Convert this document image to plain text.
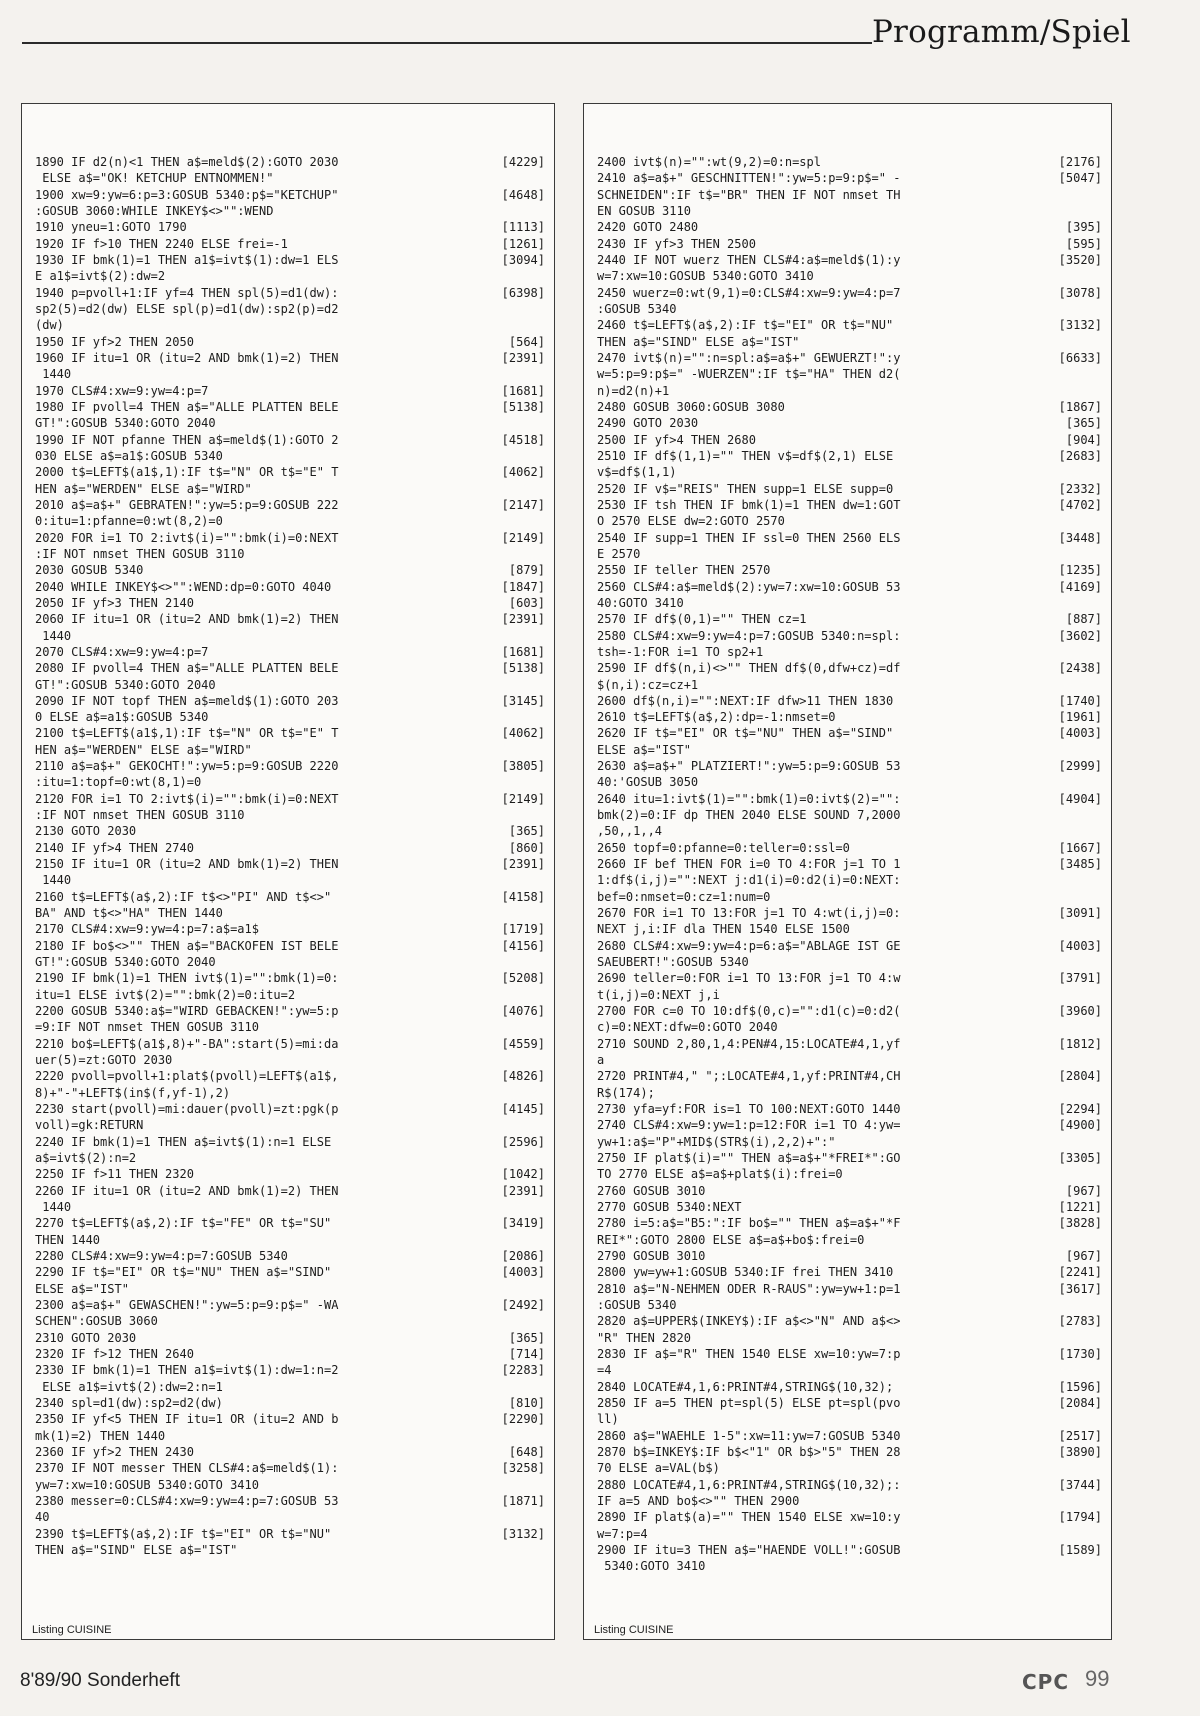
Programm/Spiel
1890 IF d2(n)<1 THEN a$=meld$(2):GOTO 2030
ELSE a$="OK! KETCHUP ENTNOMMEN!"
[4229]
1900 xw=9:yw=6:p=3:GOSUB 5340:p$="KETCHUP"
:GOSUB 3060:WHILE INKEY$<>"":WEND
[4648]
1910 yneu=1:GOTO 1790	[1113]
1920 IF f>10 THEN 2240 ELSE frei=-1	[1261]
1930 IF bmk(1)=1 THEN a1$=ivt$(1):dw=1 ELS
E a1$=ivt$(2):dw=2
[3094]
1940 p=pvoll+1:IF yf=4 THEN spl(5)=d1(dw):
sp2(5)=d2(dw) ELSE spl(p)=d1(dw):sp2(p)=d2
(dw)
[6398]
1950 IF yf>2 THEN 2050	[564]
1960 IF itu=1 OR (itu=2 AND bmk(1)=2) THEN
1440
[2391]
1970 CLS#4:xw=9:yw=4:p=7	[1681]
1980 IF pvoll=4 THEN a$="ALLE PLATTEN BELE
GT!":GOSUB 5340:GOTO 2040
[5138]
1990 IF NOT pfanne THEN a$=meld$(1):GOTO 2
030 ELSE a$=a1$:GOSUB 5340
[4518]
2000 t$=LEFT$(a1$,1):IF t$="N" OR t$="E" T
HEN a$="WERDEN" ELSE a$="WIRD"
[4062]
2010 a$=a$+" GEBRATEN!":yw=5:p=9:GOSUB 222
0:itu=1:pfanne=0:wt(8,2)=0
[2147]
2020 FOR i=1 TO 2:ivt$(i)="":bmk(i)=0:NEXT
:IF NOT nmset THEN GOSUB 3110
[2149]
2030 GOSUB 5340	[879]
2040 WHILE INKEY$<>"":WEND:dp=0:GOTO 4040	[1847]
2050 IF yf>3 THEN 2140	[603]
2060 IF itu=1 OR (itu=2 AND bmk(1)=2) THEN
1440
[2391]
2070 CLS#4:xw=9:yw=4:p=7	[1681]
2080 IF pvoll=4 THEN a$="ALLE PLATTEN BELE
GT!":GOSUB 5340:GOTO 2040
[5138]
2090 IF NOT topf THEN a$=meld$(1):GOTO 203
0 ELSE a$=a1$:GOSUB 5340
[3145]
2100 t$=LEFT$(a1$,1):IF t$="N" OR t$="E" T
HEN a$="WERDEN" ELSE a$="WIRD"
[4062]
2110 a$=a$+" GEKOCHT!":yw=5:p=9:GOSUB 2220
:itu=1:topf=0:wt(8,1)=0
[3805]
2120 FOR i=1 TO 2:ivt$(i)="":bmk(i)=0:NEXT
:IF NOT nmset THEN GOSUB 3110
[2149]
2130 GOTO 2030	[365]
2140 IF yf>4 THEN 2740	[860]
2150 IF itu=1 OR (itu=2 AND bmk(1)=2) THEN
1440
[2391]
2160 t$=LEFT$(a$,2):IF t$<>"PI" AND t$<>"
BA" AND t$<>"HA" THEN 1440
[4158]
2170 CLS#4:xw=9:yw=4:p=7:a$=a1$	[1719]
2180 IF bo$<>"" THEN a$="BACKOFEN IST BELE
GT!":GOSUB 5340:GOTO 2040
[4156]
2190 IF bmk(1)=1 THEN ivt$(1)="":bmk(1)=0:
itu=1 ELSE ivt$(2)="":bmk(2)=0:itu=2
[5208]
2200 GOSUB 5340:a$="WIRD GEBACKEN!":yw=5:p
=9:IF NOT nmset THEN GOSUB 3110
[4076]
2210 bo$=LEFT$(a1$,8)+"-BA":start(5)=mi:da
uer(5)=zt:GOTO 2030
[4559]
2220 pvoll=pvoll+1:plat$(pvoll)=LEFT$(a1$,
8)+"-"+LEFT$(in$(f,yf-1),2)
[4826]
2230 start(pvoll)=mi:dauer(pvoll)=zt:pgk(p
voll)=gk:RETURN
[4145]
2240 IF bmk(1)=1 THEN a$=ivt$(1):n=1 ELSE
a$=ivt$(2):n=2
[2596]
2250 IF f>11 THEN 2320	[1042]
2260 IF itu=1 OR (itu=2 AND bmk(1)=2) THEN
1440
[2391]
2270 t$=LEFT$(a$,2):IF t$="FE" OR t$="SU"
THEN 1440
[3419]
2280 CLS#4:xw=9:yw=4:p=7:GOSUB 5340	[2086]
2290 IF t$="EI" OR t$="NU" THEN a$="SIND"
ELSE a$="IST"
[4003]
2300 a$=a$+" GEWASCHEN!":yw=5:p=9:p$=" -WA
SCHEN":GOSUB 3060
[2492]
2310 GOTO 2030	[365]
2320 IF f>12 THEN 2640	[714]
2330 IF bmk(1)=1 THEN a1$=ivt$(1):dw=1:n=2
ELSE a1$=ivt$(2):dw=2:n=1
[2283]
2340 spl=d1(dw):sp2=d2(dw)	[810]
2350 IF yf<5 THEN IF itu=1 OR (itu=2 AND b
mk(1)=2) THEN 1440
[2290]
2360 IF yf>2 THEN 2430	[648]
2370 IF NOT messer THEN CLS#4:a$=meld$(1):
yw=7:xw=10:GOSUB 5340:GOTO 3410
[3258]
2380 messer=0:CLS#4:xw=9:yw=4:p=7:GOSUB 53
40
[1871]
2390 t$=LEFT$(a$,2):IF t$="EI" OR t$="NU"
THEN a$="SIND" ELSE a$="IST"
[3132]
Listing CUISINE
2400 ivt$(n)="":wt(9,2)=0:n=spl	[2176]
2410 a$=a$+" GESCHNITTEN!":yw=5:p=9:p$=" -
SCHNEIDEN":IF t$="BR" THEN IF NOT nmset TH
EN GOSUB 3110
[5047]
2420 GOTO 2480	[395]
2430 IF yf>3 THEN 2500	[595]
2440 IF NOT wuerz THEN CLS#4:a$=meld$(1):y
w=7:xw=10:GOSUB 5340:GOTO 3410
[3520]
2450 wuerz=0:wt(9,1)=0:CLS#4:xw=9:yw=4:p=7
:GOSUB 5340
[3078]
2460 t$=LEFT$(a$,2):IF t$="EI" OR t$="NU"
THEN a$="SIND" ELSE a$="IST"
[3132]
2470 ivt$(n)="":n=spl:a$=a$+" GEWUERZT!":y
w=5:p=9:p$=" -WUERZEN":IF t$="HA" THEN d2(
n)=d2(n)+1
[6633]
2480 GOSUB 3060:GOSUB 3080	[1867]
2490 GOTO 2030	[365]
2500 IF yf>4 THEN 2680	[904]
2510 IF df$(1,1)="" THEN v$=df$(2,1) ELSE
v$=df$(1,1)
[2683]
2520 IF v$="REIS" THEN supp=1 ELSE supp=0	[2332]
2530 IF tsh THEN IF bmk(1)=1 THEN dw=1:GOT
O 2570 ELSE dw=2:GOTO 2570
[4702]
2540 IF supp=1 THEN IF ssl=0 THEN 2560 ELS
E 2570
[3448]
2550 IF teller THEN 2570	[1235]
2560 CLS#4:a$=meld$(2):yw=7:xw=10:GOSUB 53
40:GOTO 3410
[4169]
2570 IF df$(0,1)="" THEN cz=1	[887]
2580 CLS#4:xw=9:yw=4:p=7:GOSUB 5340:n=spl:
tsh=-1:FOR i=1 TO sp2+1
[3602]
2590 IF df$(n,i)<>"" THEN df$(0,dfw+cz)=df
$(n,i):cz=cz+1
[2438]
2600 df$(n,i)="":NEXT:IF dfw>11 THEN 1830	[1740]
2610 t$=LEFT$(a$,2):dp=-1:nmset=0	[1961]
2620 IF t$="EI" OR t$="NU" THEN a$="SIND"
ELSE a$="IST"
[4003]
2630 a$=a$+" PLATZIERT!":yw=5:p=9:GOSUB 53
40:'GOSUB 3050
[2999]
2640 itu=1:ivt$(1)="":bmk(1)=0:ivt$(2)="":
bmk(2)=0:IF dp THEN 2040 ELSE SOUND 7,2000
,50,,1,,4
[4904]
2650 topf=0:pfanne=0:teller=0:ssl=0	[1667]
2660 IF bef THEN FOR i=0 TO 4:FOR j=1 TO 1
1:df$(i,j)="":NEXT j:d1(i)=0:d2(i)=0:NEXT:
bef=0:nmset=0:cz=1:num=0
[3485]
2670 FOR i=1 TO 13:FOR j=1 TO 4:wt(i,j)=0:
NEXT j,i:IF dla THEN 1540 ELSE 1500
[3091]
2680 CLS#4:xw=9:yw=4:p=6:a$="ABLAGE IST GE
SAEUBERT!":GOSUB 5340
[4003]
2690 teller=0:FOR i=1 TO 13:FOR j=1 TO 4:w
t(i,j)=0:NEXT j,i
[3791]
2700 FOR c=0 TO 10:df$(0,c)="":d1(c)=0:d2(
c)=0:NEXT:dfw=0:GOTO 2040
[3960]
2710 SOUND 2,80,1,4:PEN#4,15:LOCATE#4,1,yf
a
[1812]
2720 PRINT#4," ";:LOCATE#4,1,yf:PRINT#4,CH
R$(174);
[2804]
2730 yfa=yf:FOR is=1 TO 100:NEXT:GOTO 1440	[2294]
2740 CLS#4:xw=9:yw=1:p=12:FOR i=1 TO 4:yw=
yw+1:a$="P"+MID$(STR$(i),2,2)+":"
[4900]
2750 IF plat$(i)="" THEN a$=a$+"*FREI*":GO
TO 2770 ELSE a$=a$+plat$(i):frei=0
[3305]
2760 GOSUB 3010	[967]
2770 GOSUB 5340:NEXT	[1221]
2780 i=5:a$="B5:":IF bo$="" THEN a$=a$+"*F
REI*":GOTO 2800 ELSE a$=a$+bo$:frei=0
[3828]
2790 GOSUB 3010	[967]
2800 yw=yw+1:GOSUB 5340:IF frei THEN 3410	[2241]
2810 a$="N-NEHMEN ODER R-RAUS":yw=yw+1:p=1
:GOSUB 5340
[3617]
2820 a$=UPPER$(INKEY$):IF a$<>"N" AND a$<>
"R" THEN 2820
[2783]
2830 IF a$="R" THEN 1540 ELSE xw=10:yw=7:p
=4
[1730]
2840 LOCATE#4,1,6:PRINT#4,STRING$(10,32);	[1596]
2850 IF a=5 THEN pt=spl(5) ELSE pt=spl(pvo
ll)
[2084]
2860 a$="WAEHLE 1-5":xw=11:yw=7:GOSUB 5340	[2517]
2870 b$=INKEY$:IF b$<"1" OR b$>"5" THEN 28
70 ELSE a=VAL(b$)
[3890]
2880 LOCATE#4,1,6:PRINT#4,STRING$(10,32);:
IF a=5 AND bo$<>"" THEN 2900
[3744]
2890 IF plat$(a)="" THEN 1540 ELSE xw=10:y
w=7:p=4
[1794]
2900 IF itu=3 THEN a$="HAENDE VOLL!":GOSUB
5340:GOTO 3410
[1589]
Listing CUISINE
8'89/90 Sonderheft	CPC 99
